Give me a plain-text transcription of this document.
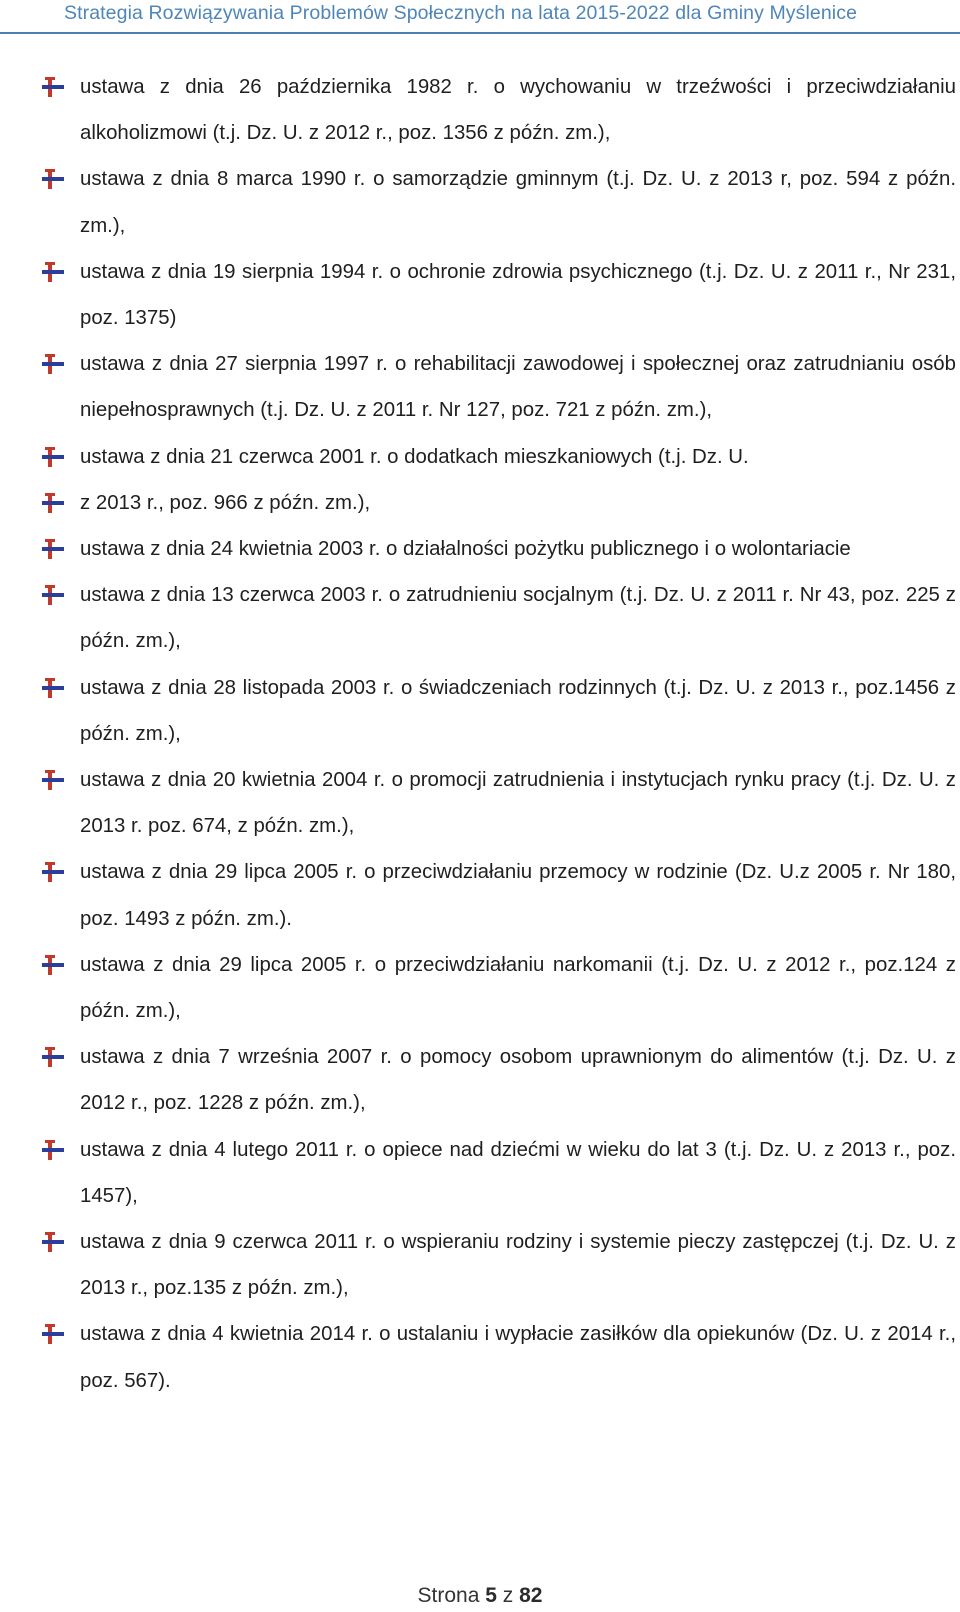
Strategia Rozwiązywania Problemów Społecznych na lata 2015-2022 dla Gminy Myślenice
ustawa z dnia 26 października 1982 r. o wychowaniu w trzeźwości i przeciwdziałaniu alkoholizmowi (t.j. Dz. U. z 2012 r., poz. 1356 z późn. zm.),
ustawa z dnia 8 marca 1990 r. o samorządzie gminnym (t.j. Dz. U. z 2013 r, poz. 594 z późn. zm.),
ustawa z dnia 19 sierpnia 1994 r. o ochronie zdrowia psychicznego (t.j. Dz. U. z 2011 r., Nr 231, poz. 1375)
ustawa z dnia 27 sierpnia 1997 r. o rehabilitacji zawodowej i społecznej oraz zatrudnianiu osób niepełnosprawnych (t.j. Dz. U. z 2011 r. Nr 127, poz. 721 z późn. zm.),
ustawa z dnia 21 czerwca 2001 r. o dodatkach mieszkaniowych (t.j. Dz. U.
z 2013 r., poz. 966 z późn. zm.),
ustawa z dnia 24 kwietnia 2003 r. o działalności pożytku publicznego i o wolontariacie
ustawa z dnia 13 czerwca 2003 r. o zatrudnieniu socjalnym (t.j. Dz. U. z 2011 r. Nr 43, poz. 225 z późn. zm.),
ustawa z dnia 28 listopada 2003 r. o świadczeniach rodzinnych (t.j. Dz. U. z 2013 r., poz.1456 z późn. zm.),
ustawa z dnia 20 kwietnia 2004 r. o promocji zatrudnienia i instytucjach rynku pracy (t.j. Dz. U. z 2013 r. poz. 674, z późn. zm.),
ustawa z dnia 29 lipca 2005 r. o przeciwdziałaniu przemocy w rodzinie (Dz. U.z 2005 r. Nr 180, poz. 1493 z późn. zm.).
ustawa z dnia 29 lipca 2005 r. o przeciwdziałaniu narkomanii (t.j. Dz. U. z 2012 r., poz.124 z późn. zm.),
ustawa z dnia 7 września 2007 r. o pomocy osobom uprawnionym do alimentów (t.j. Dz. U. z 2012 r., poz. 1228 z późn. zm.),
ustawa z dnia 4 lutego 2011 r. o opiece nad dziećmi w wieku do lat 3 (t.j. Dz. U. z 2013 r., poz. 1457),
ustawa z dnia 9 czerwca 2011 r. o wspieraniu rodziny i systemie pieczy zastępczej (t.j. Dz. U. z 2013 r., poz.135 z późn. zm.),
ustawa z dnia 4 kwietnia 2014 r. o ustalaniu i wypłacie zasiłków dla opiekunów (Dz. U. z 2014 r., poz. 567).
Strona 5 z 82
